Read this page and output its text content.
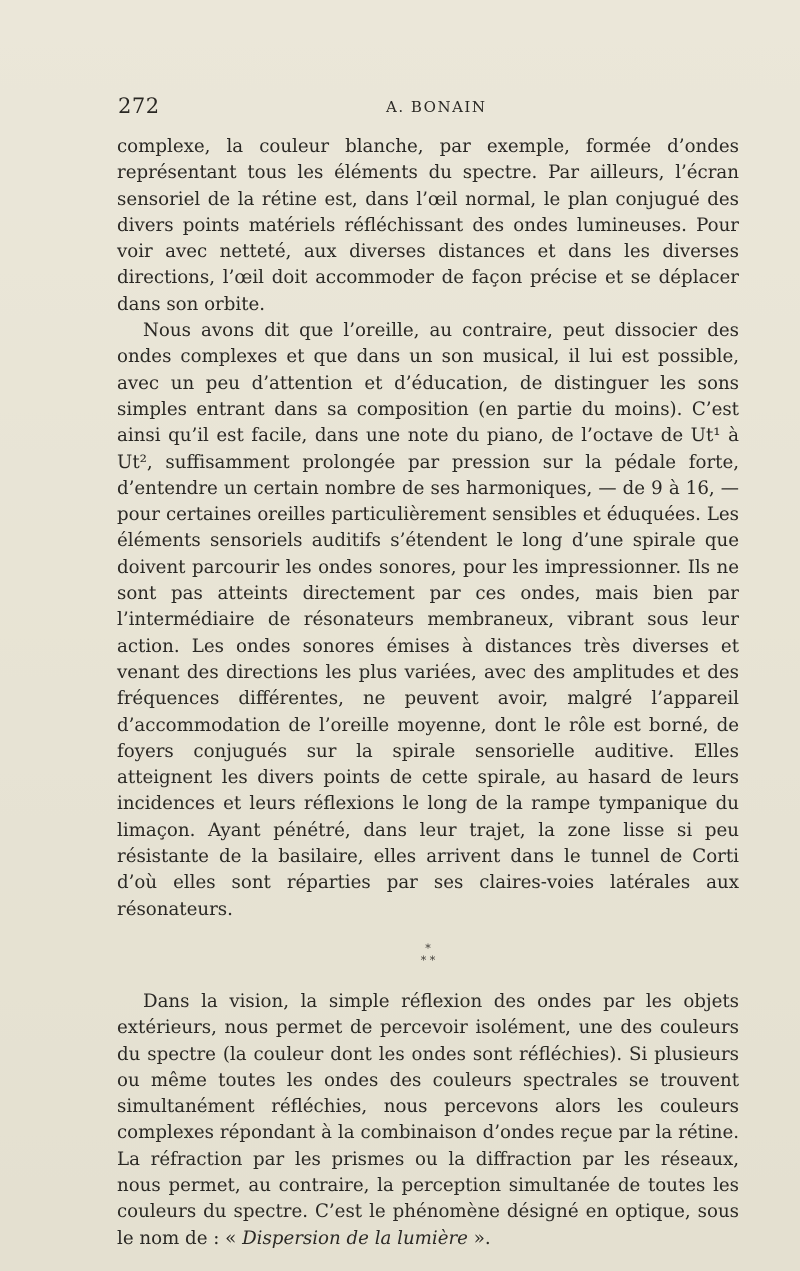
272	A. BONAIN

complexe, la couleur blanche, par exemple, formée d’ondes représentant tous les éléments du spectre. Par ailleurs, l’écran sensoriel de la rétine est, dans l’œil normal, le plan conjugué des divers points matériels réfléchissant des ondes lumineuses. Pour voir avec netteté, aux diverses distances et dans les diverses directions, l’œil doit accommoder de façon précise et se déplacer dans son orbite.

Nous avons dit que l’oreille, au contraire, peut dissocier des ondes complexes et que dans un son musical, il lui est possible, avec un peu d’attention et d’éducation, de distinguer les sons simples entrant dans sa composition (en partie du moins). C’est ainsi qu’il est facile, dans une note du piano, de l’octave de Ut¹ à Ut², suffisamment prolongée par pression sur la pédale forte, d’entendre un certain nombre de ses harmoniques, — de 9 à 16, — pour certaines oreilles particulièrement sensibles et éduquées. Les éléments sensoriels auditifs s’étendent le long d’une spirale que doivent parcourir les ondes sonores, pour les impressionner. Ils ne sont pas atteints directement par ces ondes, mais bien par l’intermédiaire de résonateurs membraneux, vibrant sous leur action. Les ondes sonores émises à distances très diverses et venant des directions les plus variées, avec des amplitudes et des fréquences différentes, ne peuvent avoir, malgré l’appareil d’accommodation de l’oreille moyenne, dont le rôle est borné, de foyers conjugués sur la spirale sensorielle auditive. Elles atteignent les divers points de cette spirale, au hasard de leurs incidences et leurs réflexions le long de la rampe tympanique du limaçon. Ayant pénétré, dans leur trajet, la zone lisse si peu résistante de la basilaire, elles arrivent dans le tunnel de Corti d’où elles sont réparties par ses claires-voies latérales aux résonateurs.

*
* *

Dans la vision, la simple réflexion des ondes par les objets extérieurs, nous permet de percevoir isolément, une des couleurs du spectre (la couleur dont les ondes sont réfléchies). Si plusieurs ou même toutes les ondes des couleurs spectrales se trouvent simultanément réfléchies, nous percevons alors les couleurs complexes répondant à la combinaison d’ondes reçue par la rétine. La réfraction par les prismes ou la diffraction par les réseaux, nous permet, au contraire, la perception simultanée de toutes les couleurs du spectre. C’est le phénomène désigné en optique, sous le nom de : « Dispersion de la lumière ».
